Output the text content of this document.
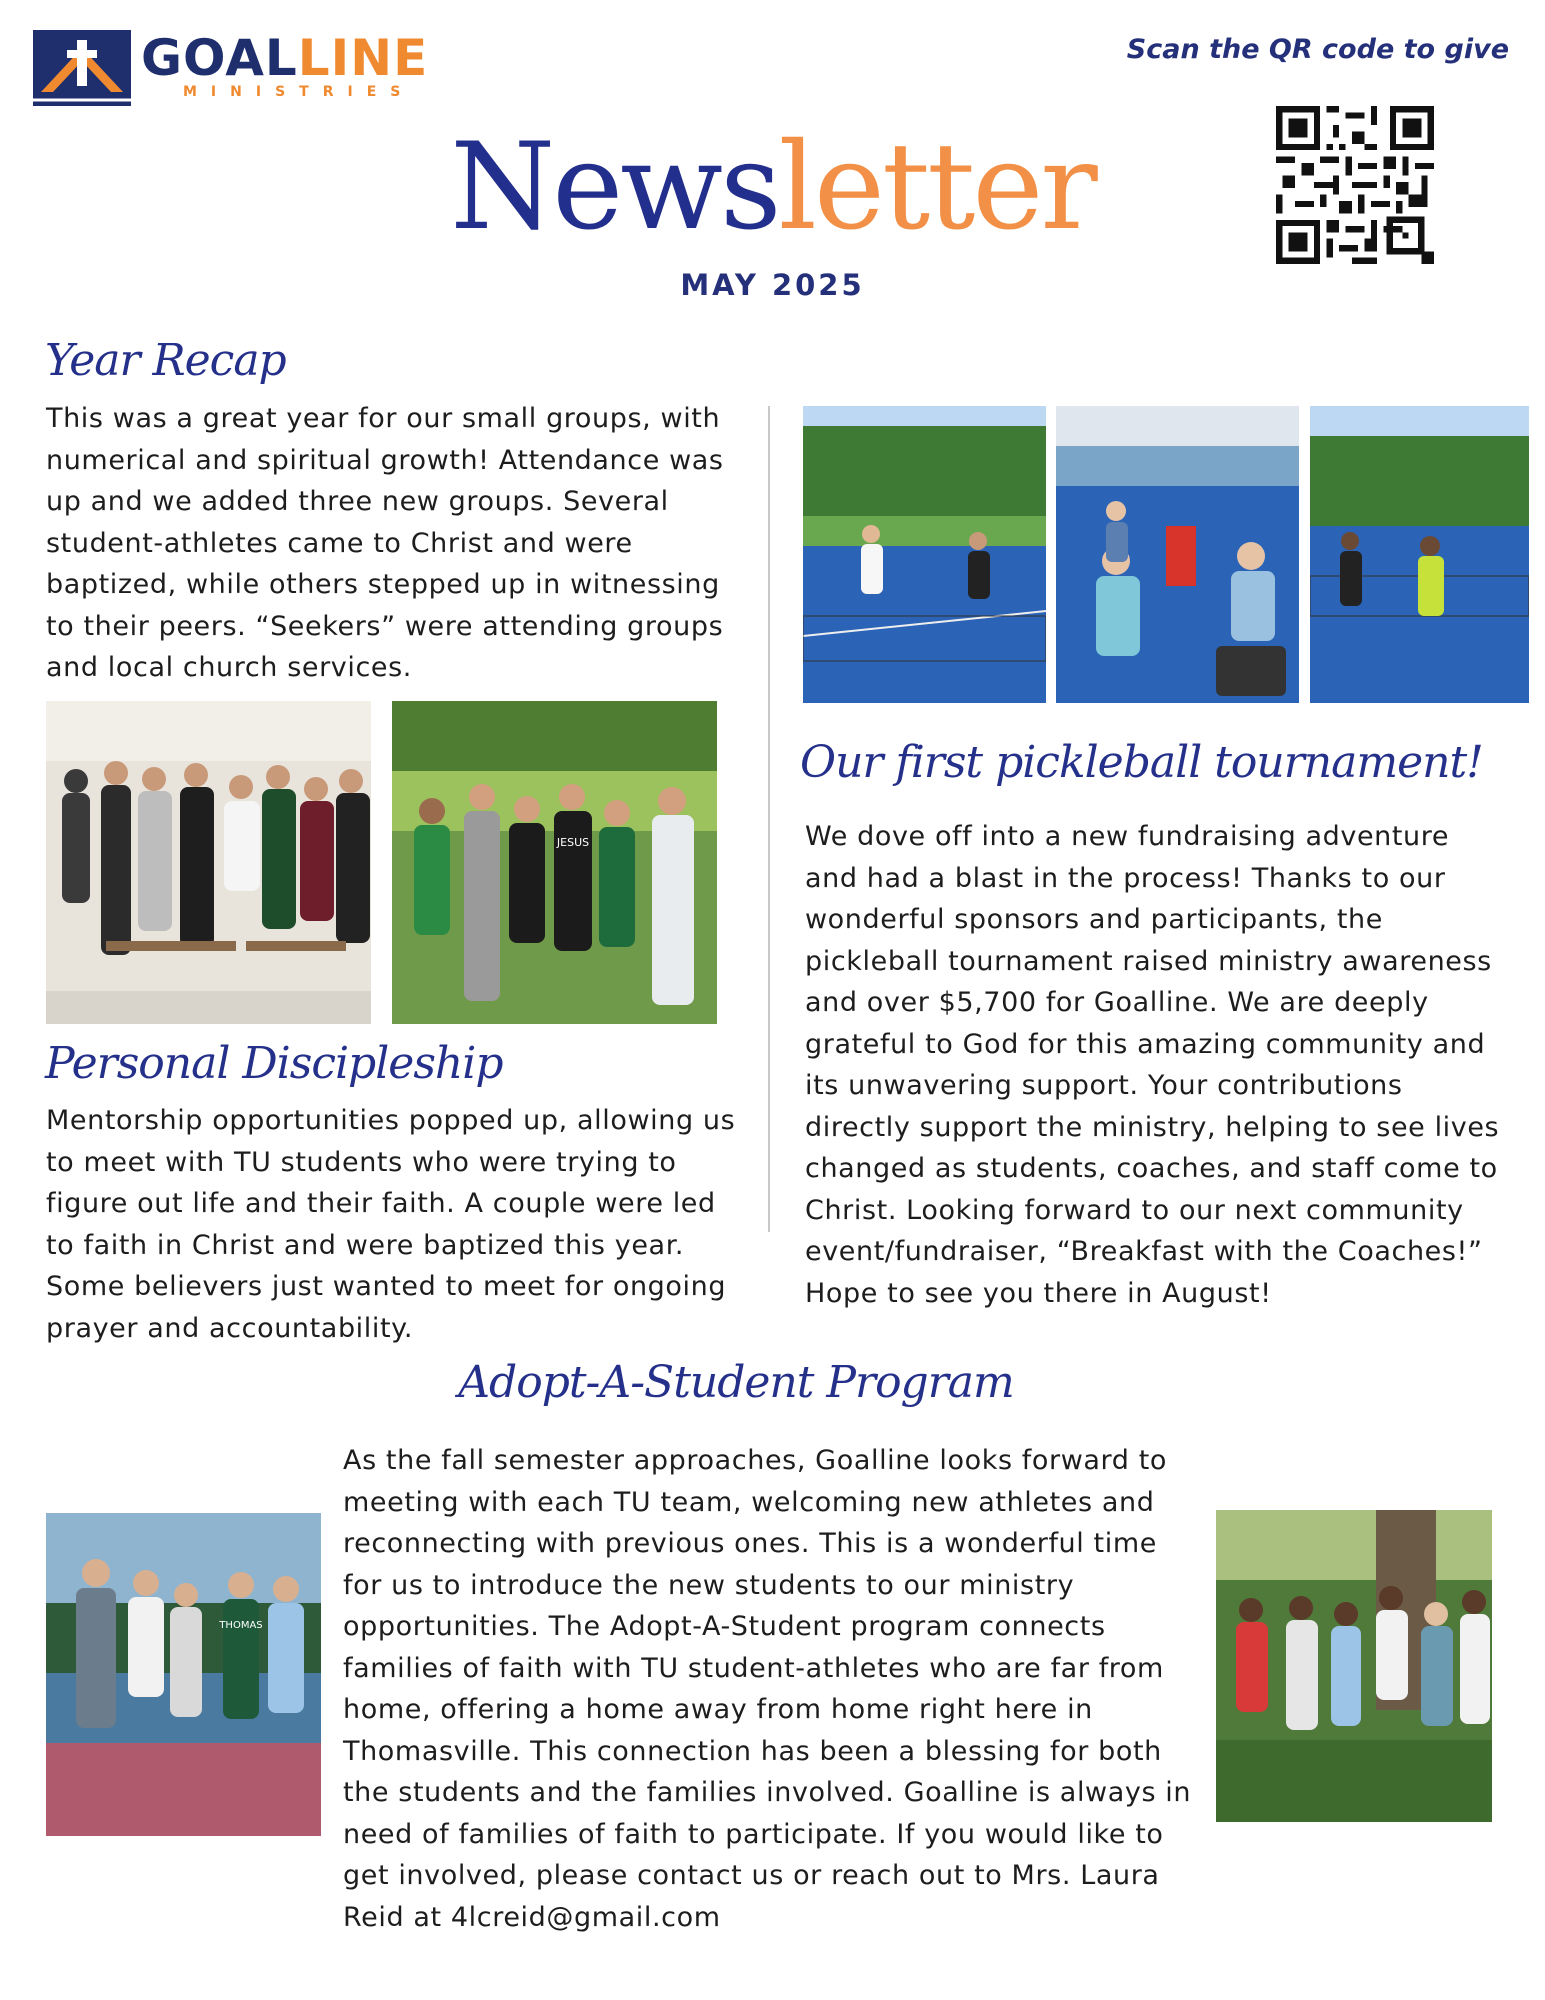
GOALLINE
MINISTRIES
Scan the QR code to give
Newsletter
MAY 2025
Year Recap
This was a great year for our small groups, with numerical and spiritual growth! Attendance was up and we added three new groups. Several student-athletes came to Christ and were baptized, while others stepped up in witnessing to their peers. “Seekers” were attending groups and local church services.
JESUS
Personal Discipleship
Mentorship opportunities popped up, allowing us to meet with TU students who were trying to figure out life and their faith. A couple were led to faith in Christ and were baptized this year. Some believers just wanted to meet for ongoing prayer and accountability.
Our first pickleball tournament!
We dove off into a new fundraising adventure and had a blast in the process! Thanks to our wonderful sponsors and participants, the pickleball tournament raised ministry awareness and over $5,700 for Goalline. We are deeply grateful to God for this amazing community and its unwavering support. Your contributions directly support the ministry, helping to see lives changed as students, coaches, and staff come to Christ. Looking forward to our next community event/fundraiser, “Breakfast with the Coaches!” Hope to see you there in August!
Adopt-A-Student Program
As the fall semester approaches, Goalline looks forward to meeting with each TU team, welcoming new athletes and reconnecting with previous ones. This is a wonderful time for us to introduce the new students to our ministry opportunities. The Adopt-A-Student program connects families of faith with TU student-athletes who are far from home, offering a home away from home right here in Thomasville. This connection has been a blessing for both the students and the families involved. Goalline is always in need of families of faith to participate. If you would like to get involved, please contact us or reach out to Mrs. Laura Reid at 4lcreid@gmail.com
THOMAS
